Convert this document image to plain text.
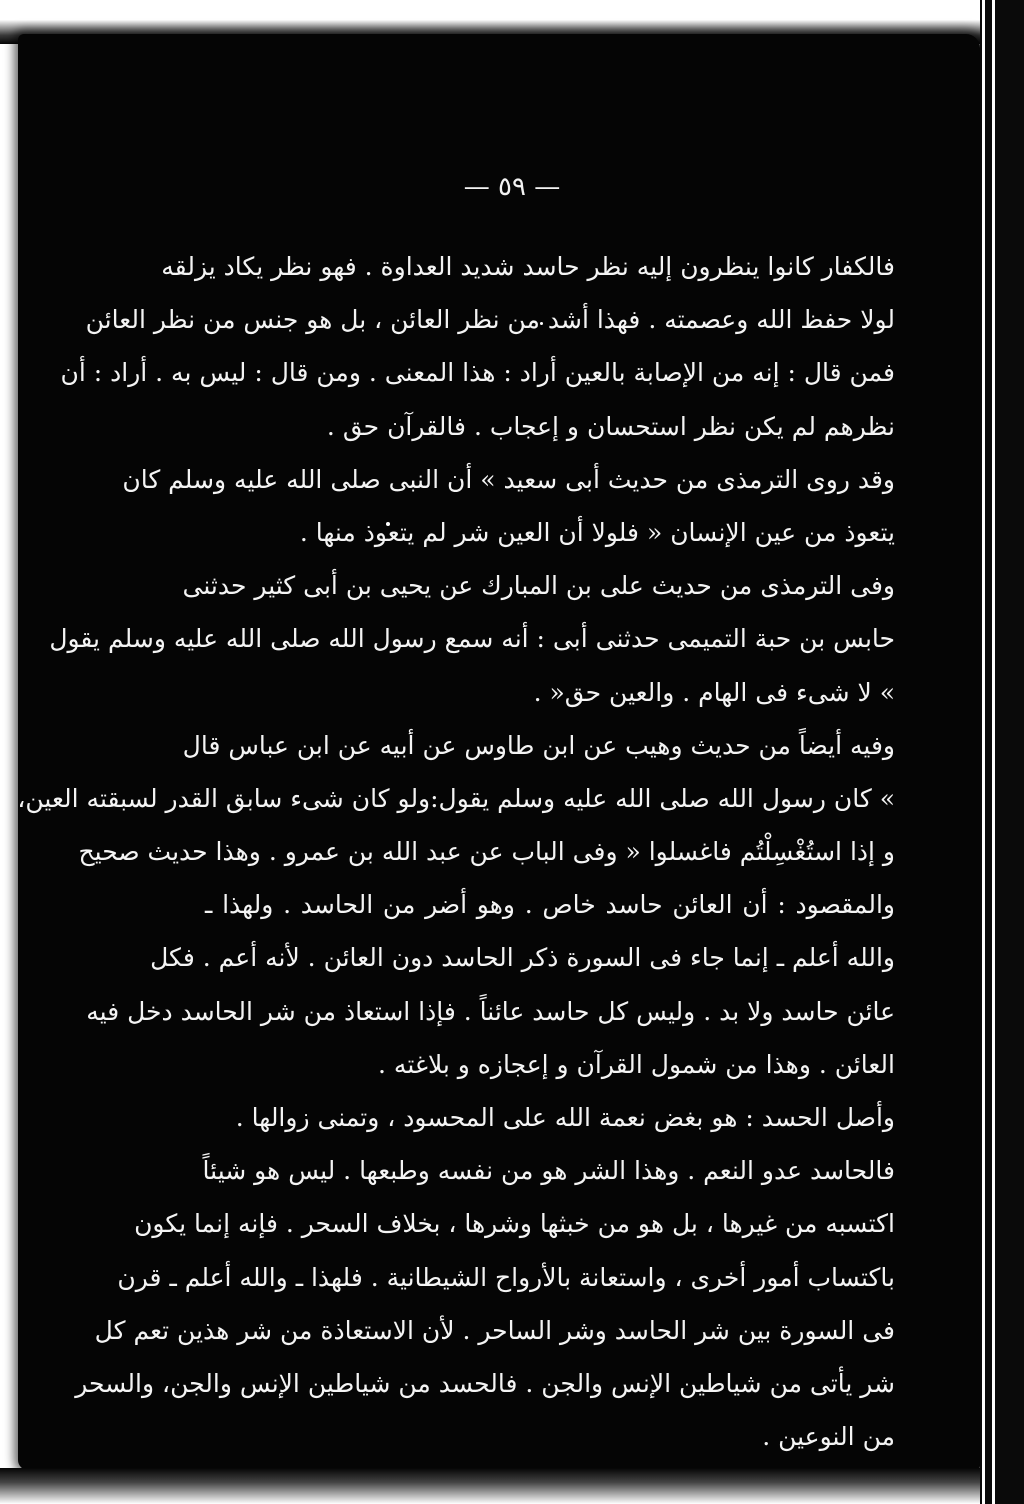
— ٥٩ —
فالكفار كانوا ينظرون إليه نظر حاسد شديد العداوة . فهو نظر يكاد يزلقه
لولا حفظ الله وعصمته . فهذا أشد من نظر العائن ، بل هو جنس من نظر العائن
فمن قال : إنه من الإصابة بالعين أراد : هذا المعنى . ومن قال : ليس به . أراد : أن
نظرهم لم يكن نظر استحسان و إعجاب . فالقرآن حق .
وقد روى الترمذى من حديث أبى سعيد » أن النبى صلى الله عليه وسلم كان
يتعوذ من عين الإنسان « فلولا أن العين شر لم يتعوذ منها .
وفى الترمذى من حديث على بن المبارك عن يحيى بن أبى كثير حدثنى
حابس بن حبة التميمى حدثنى أبى : أنه سمع رسول الله صلى الله عليه وسلم يقول
» لا شىء فى الهام . والعين حق« .
وفيه أيضاً من حديث وهيب عن ابن طاوس عن أبيه عن ابن عباس قال
» كان رسول الله صلى الله عليه وسلم يقول:ولو كان شىء سابق القدر لسبقته العين،
و إذا استُغْسِلْتُم فاغسلوا « وفى الباب عن عبد الله بن عمرو . وهذا حديث صحيح
والمقصود : أن العائن حاسد خاص . وهو أضر من الحاسد . ولهذا ـ
والله أعلم ـ إنما جاء فى السورة ذكر الحاسد دون العائن . لأنه أعم . فكل
عائن حاسد ولا بد . وليس كل حاسد عائناً . فإذا استعاذ من شر الحاسد دخل فيه
العائن . وهذا من شمول القرآن و إعجازه و بلاغته .
وأصل الحسد : هو بغض نعمة الله على المحسود ، وتمنى زوالها .
فالحاسد عدو النعم . وهذا الشر هو من نفسه وطبعها . ليس هو شيئاً
اكتسبه من غيرها ، بل هو من خبثها وشرها ، بخلاف السحر . فإنه إنما يكون
باكتساب أمور أخرى ، واستعانة بالأرواح الشيطانية . فلهذا ـ والله أعلم ـ قرن
فى السورة بين شر الحاسد وشر الساحر . لأن الاستعاذة من شر هذين تعم كل
شر يأتى من شياطين الإنس والجن . فالحسد من شياطين الإنس والجن، والسحر
من النوعين .
